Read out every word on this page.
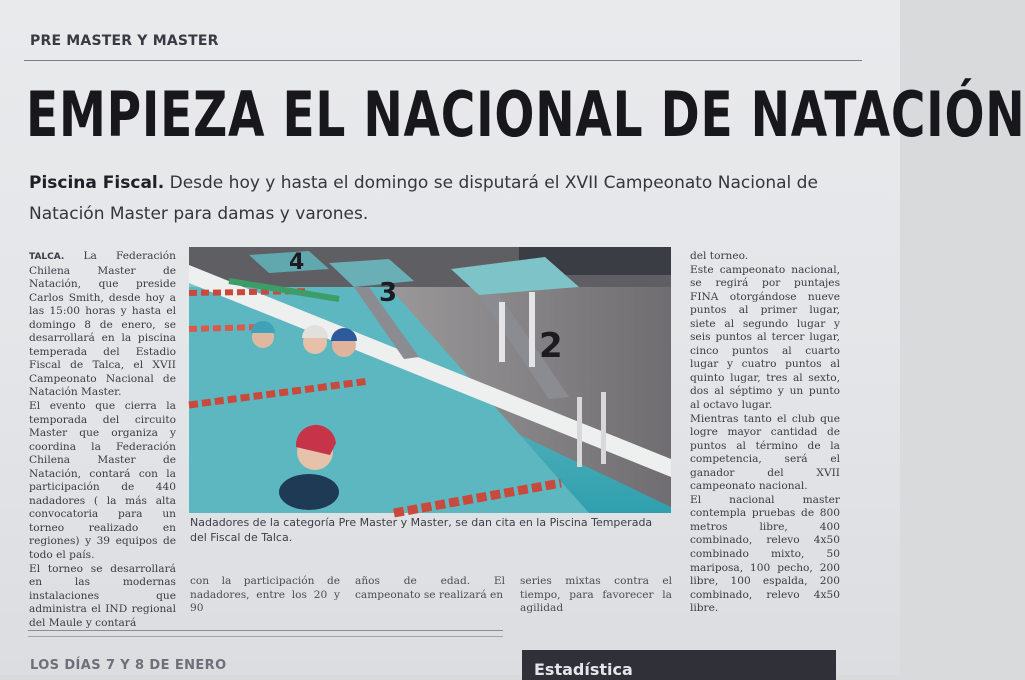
PRE MASTER Y MASTER
EMPIEZA EL NACIONAL DE NATACIÓN
Piscina Fiscal. Desde hoy y hasta el domingo se disputará el XVII Campeonato Nacional de Natación Master para damas y varones.

TALCA. La Federación Chilena Master de Natación, que preside Carlos Smith, desde hoy a las 15:00 horas y hasta el domingo 8 de enero, se desarrollará en la piscina temperada del Estadio Fiscal de Talca, el XVII Campeonato Nacional de Natación Master.

El evento que cierra la temporada del circuito Master que organiza y coordina la Federación Chilena Master de Natación, contará con la participación de 440 nadadores ( la más alta convocatoria para un torneo realizado en regiones) y 39 equipos de todo el país.

El torneo se desarrollará en las modernas instalaciones que administra el IND regional del Maule y contará

4
3
2
Nadadores de la categoría Pre Master y Master, se dan cita en la Piscina Temperada del Fiscal de Talca.
con la participación de nadadores, entre los 20 y 90
años de edad. El campeonato se realizará en
series mixtas contra el tiempo, para favorecer la agilidad

del torneo.

Este campeonato nacional, se regirá por puntajes FINA otorgándose nueve puntos al primer lugar, siete al segundo lugar y seis puntos al tercer lugar, cinco puntos al cuarto lugar y cuatro puntos al quinto lugar, tres al sexto, dos al séptimo y un punto al octavo lugar.

Mientras tanto el club que logre mayor cantidad de puntos al término de la competencia, será el ganador del XVII campeonato nacional.

El nacional master contempla pruebas de 800 metros libre, 400 combinado, relevo 4x50 combinado mixto, 50 mariposa, 100 pecho, 200 libre, 100 espalda, 200 combinado, relevo 4x50 libre.

LOS DÍAS 7 Y 8 DE ENERO	Estadística
